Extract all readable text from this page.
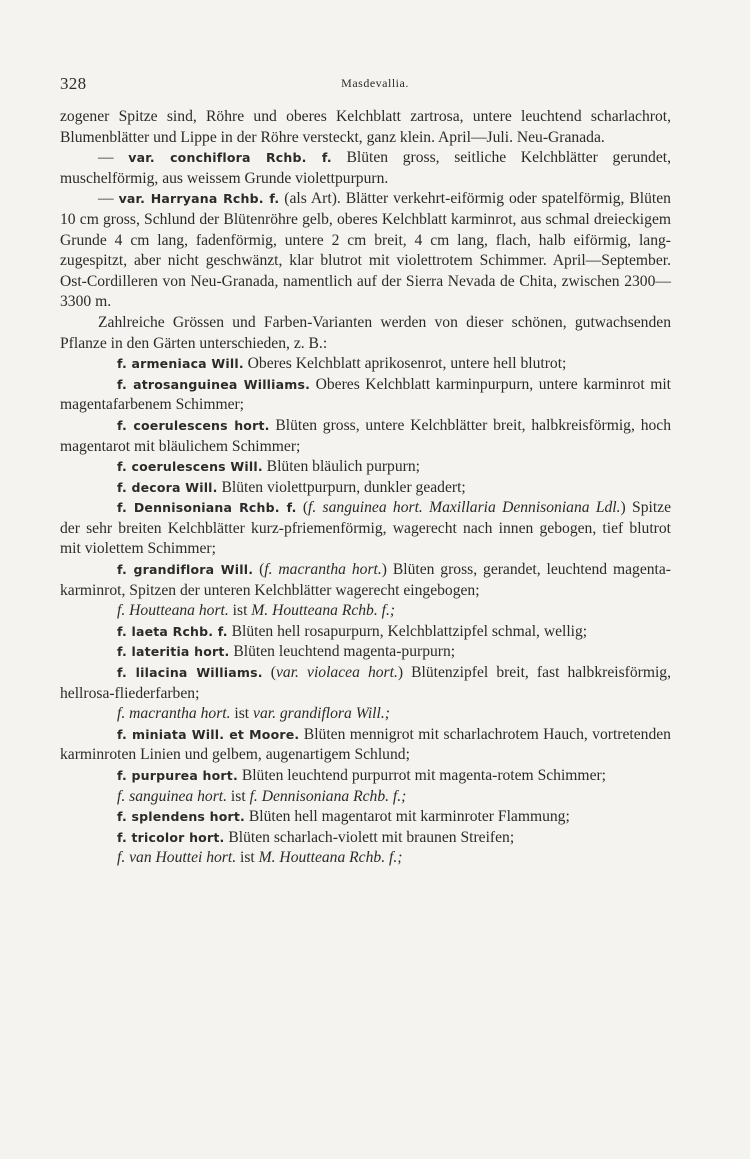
328	Masdevallia.

zogener Spitze sind, Röhre und oberes Kelchblatt zartrosa, untere leuchtend scharlachrot, Blumenblätter und Lippe in der Röhre versteckt, ganz klein. April—Juli. Neu-Granada.

— var. conchiflora Rchb. f. Blüten gross, seitliche Kelchblätter gerundet, muschelförmig, aus weissem Grunde violettpurpurn.

— var. Harryana Rchb. f. (als Art). Blätter verkehrt-eiförmig oder spatelförmig, Blüten 10 cm gross, Schlund der Blütenröhre gelb, oberes Kelchblatt karminrot, aus schmal dreieckigem Grunde 4 cm lang, fadenförmig, untere 2 cm breit, 4 cm lang, flach, halb eiförmig, lang-zugespitzt, aber nicht geschwänzt, klar blutrot mit violettrotem Schimmer. April—September. Ost-Cordilleren von Neu-Granada, namentlich auf der Sierra Nevada de Chita, zwischen 2300—3300 m.

Zahlreiche Grössen und Farben-Varianten werden von dieser schönen, gutwachsenden Pflanze in den Gärten unterschieden, z. B.:

f. armeniaca Will. Oberes Kelchblatt aprikosenrot, untere hell blutrot;

f. atrosanguinea Williams. Oberes Kelchblatt karminpurpurn, untere karminrot mit magentafarbenem Schimmer;

f. coerulescens hort. Blüten gross, untere Kelchblätter breit, halbkreisförmig, hoch magentarot mit bläulichem Schimmer;

f. coerulescens Will. Blüten bläulich purpurn;

f. decora Will. Blüten violettpurpurn, dunkler geadert;

f. Dennisoniana Rchb. f. (f. sanguinea hort. Maxillaria Dennisoniana Ldl.) Spitze der sehr breiten Kelchblätter kurz-pfriemenförmig, wagerecht nach innen gebogen, tief blutrot mit violettem Schimmer;

f. grandiflora Will. (f. macrantha hort.) Blüten gross, gerandet, leuchtend magenta-karminrot, Spitzen der unteren Kelchblätter wagerecht eingebogen;

f. Houtteana hort. ist M. Houtteana Rchb. f.;

f. laeta Rchb. f. Blüten hell rosapurpurn, Kelchblattzipfel schmal, wellig;

f. lateritia hort. Blüten leuchtend magenta-purpurn;

f. lilacina Williams. (var. violacea hort.) Blütenzipfel breit, fast halbkreisförmig, hellrosa-fliederfarben;

f. macrantha hort. ist var. grandiflora Will.;

f. miniata Will. et Moore. Blüten mennigrot mit scharlachrotem Hauch, vortretenden karminroten Linien und gelbem, augenartigem Schlund;

f. purpurea hort. Blüten leuchtend purpurrot mit magenta-rotem Schimmer;

f. sanguinea hort. ist f. Dennisoniana Rchb. f.;

f. splendens hort. Blüten hell magentarot mit karminroter Flammung;

f. tricolor hort. Blüten scharlach-violett mit braunen Streifen;

f. van Houttei hort. ist M. Houtteana Rchb. f.;
